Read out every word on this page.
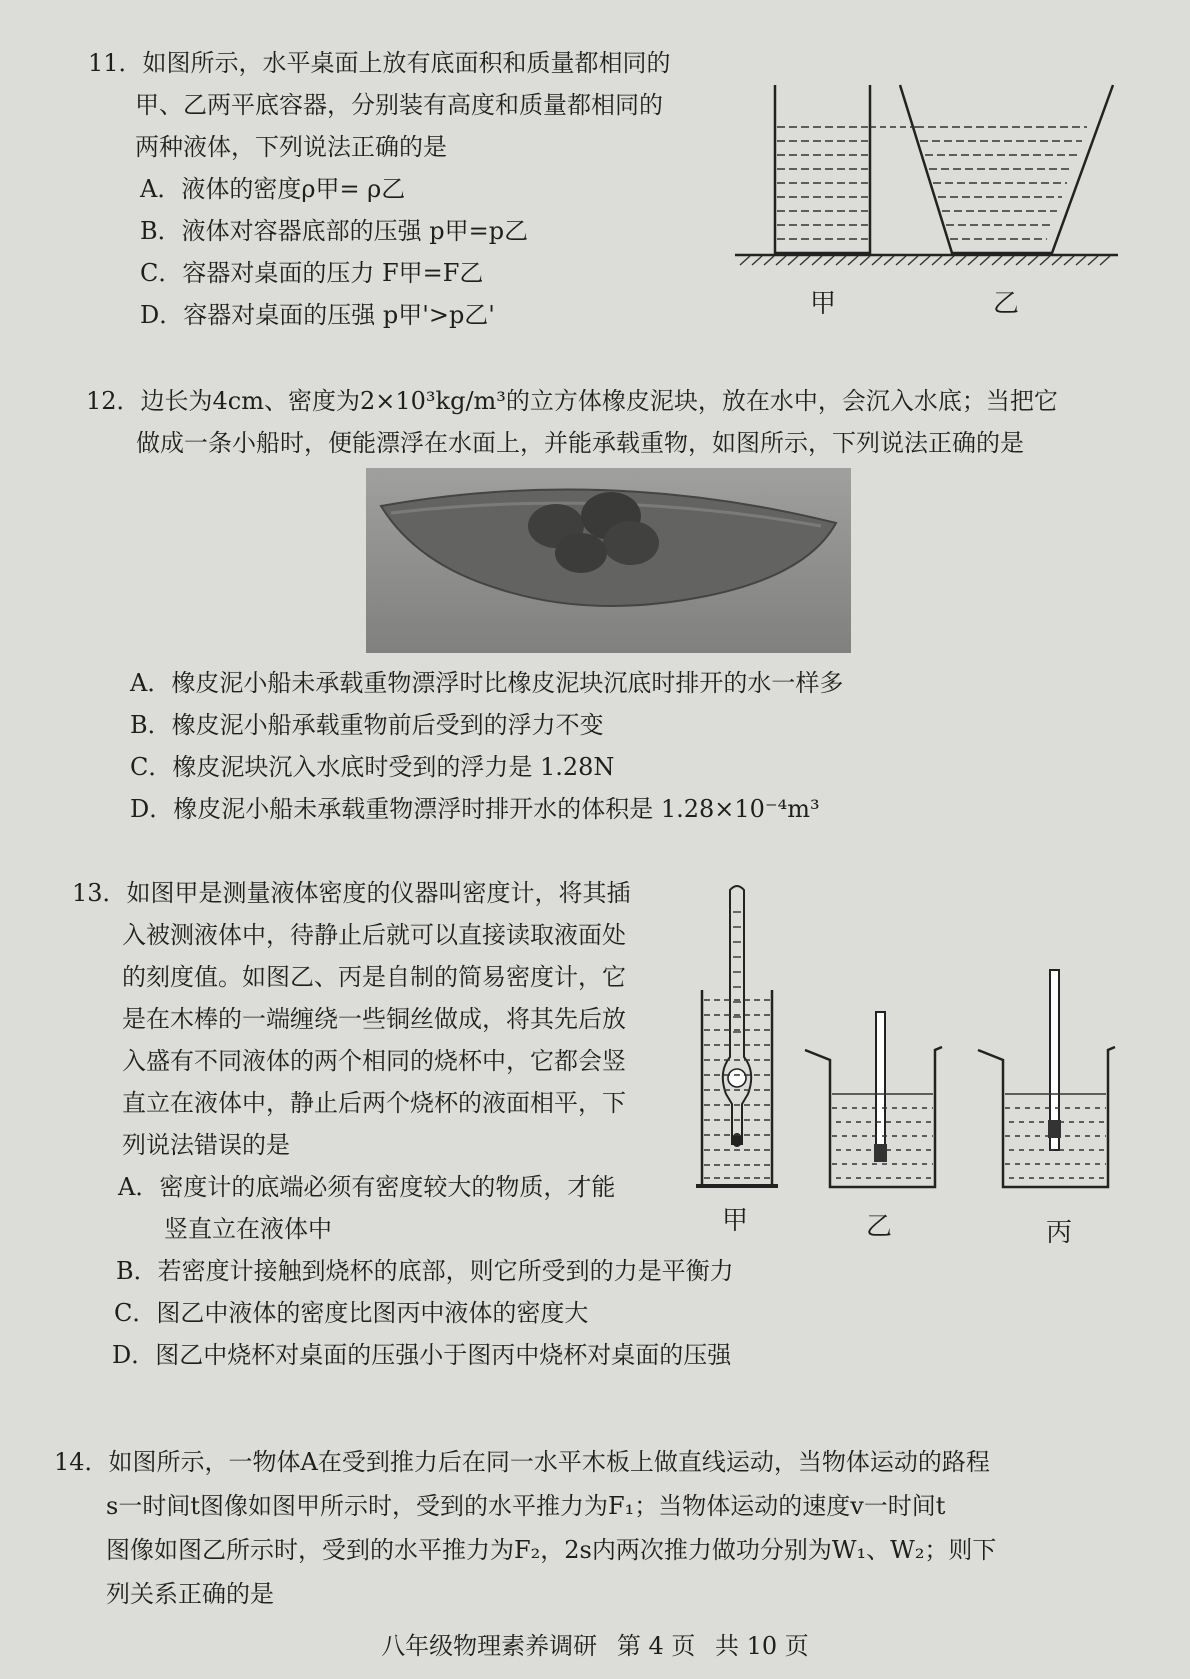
11．如图所示，水平桌面上放有底面积和质量都相同的
甲、乙两平底容器，分别装有高度和质量都相同的
两种液体，下列说法正确的是
A．液体的密度ρ甲= ρ乙
B．液体对容器底部的压强 p甲=p乙
C．容器对桌面的压力 F甲=F乙
D．容器对桌面的压强 p甲'>p乙'	甲	乙
12．边长为4cm、密度为2×10³kg/m³的立方体橡皮泥块，放在水中，会沉入水底；当把它
做成一条小船时，便能漂浮在水面上，并能承载重物，如图所示，下列说法正确的是
A．橡皮泥小船未承载重物漂浮时比橡皮泥块沉底时排开的水一样多
B．橡皮泥小船承载重物前后受到的浮力不变
C．橡皮泥块沉入水底时受到的浮力是 1.28N
D．橡皮泥小船未承载重物漂浮时排开水的体积是 1.28×10⁻⁴m³
13．如图甲是测量液体密度的仪器叫密度计，将其插
入被测液体中，待静止后就可以直接读取液面处
的刻度值。如图乙、丙是自制的简易密度计，它
是在木棒的一端缠绕一些铜丝做成，将其先后放
入盛有不同液体的两个相同的烧杯中，它都会竖
直立在液体中，静止后两个烧杯的液面相平，下
列说法错误的是
A．密度计的底端必须有密度较大的物质，才能
竖直立在液体中
B．若密度计接触到烧杯的底部，则它所受到的力是平衡力
C．图乙中液体的密度比图丙中液体的密度大
D．图乙中烧杯对桌面的压强小于图丙中烧杯对桌面的压强
甲	乙	丙
14．如图所示，一物体A在受到推力后在同一水平木板上做直线运动，当物体运动的路程
s一时间t图像如图甲所示时，受到的水平推力为F₁；当物体运动的速度v一时间t
图像如图乙所示时，受到的水平推力为F₂，2s内两次推力做功分别为W₁、W₂；则下
列关系正确的是
八年级物理素养调研 第 4 页 共 10 页
